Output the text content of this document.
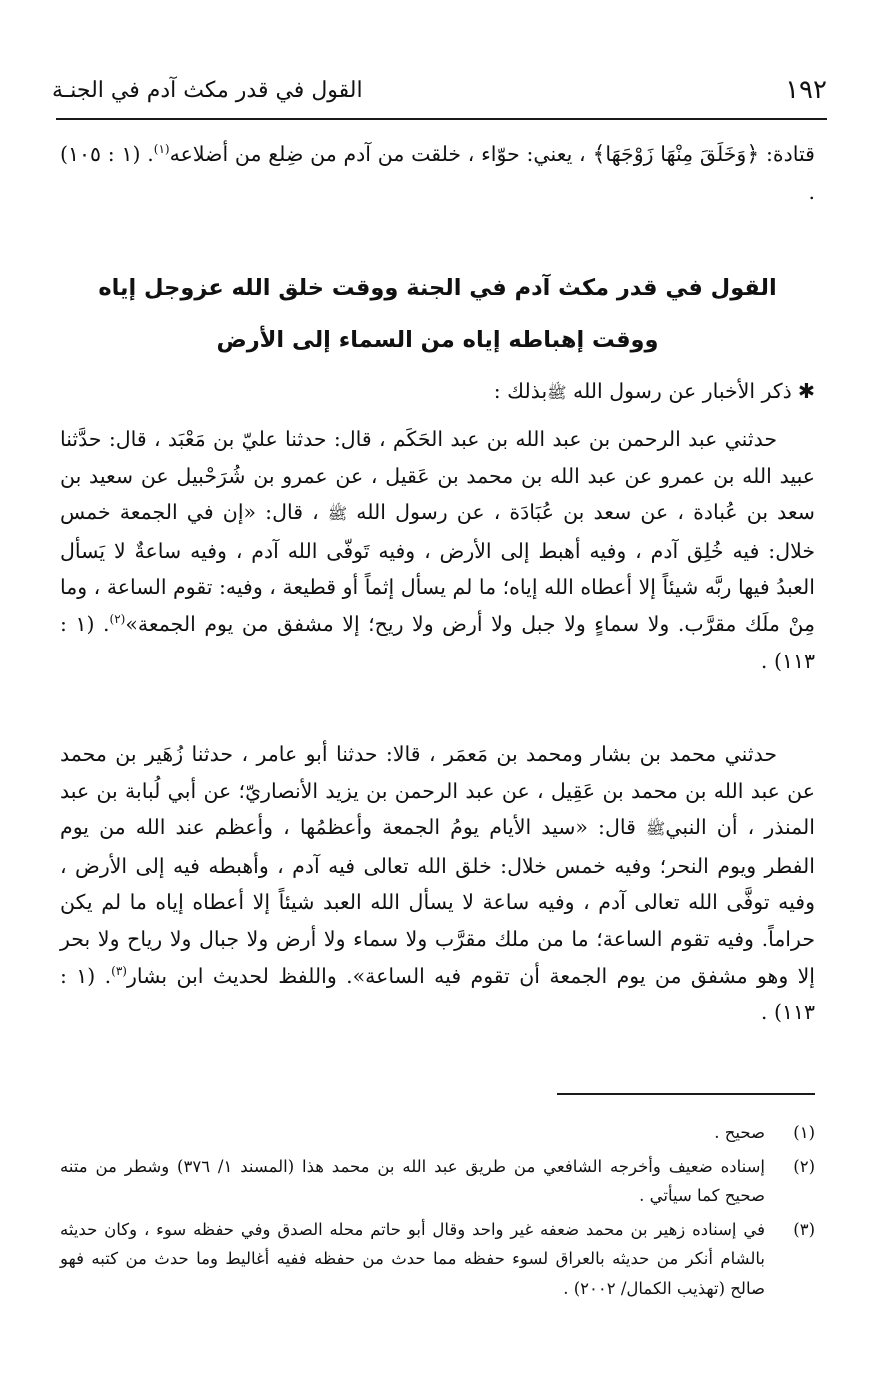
١٩٢
القول في قدر مكث آدم في الجنـة

قتادة: ﴿وَخَلَقَ مِنْهَا زَوْجَهَا﴾ ، يعني: حوّاء ، خلقت من آدم من ضِلع من أضلاعه$^{(١)}$. (١ : ١٠٥) .

القول في قدر مكث آدم في الجنة ووقت خلق الله عزوجل إياه
ووقت إهباطه إياه من السماء إلى الأرض
✱ذكر الأخبار عن رسول الله ﷺبذلك :

حدثني عبد الرحمن بن عبد الله بن عبد الحَكَم ، قال: حدثنا عليّ بن مَعْبَد ، قال: حدَّثنا عبيد الله بن عمرو عن عبد الله بن محمد بن عَقيل ، عن عمرو بن شُرَحْبيل عن سعيد بن سعد بن عُبادة ، عن سعد بن عُبَادَة ، عن رسول الله ﷺ ، قال: «إن في الجمعة خمس خلال: فيه خُلِق آدم ، وفيه أهبط إلى الأرض ، وفيه تَوفّى الله آدم ، وفيه ساعةٌ لا يَسأل العبدُ فيها ربَّه شيئاً إلا أعطاه الله إياه؛ ما لم يسأل إثماً أو قطيعة ، وفيه: تقوم الساعة ، وما مِنْ ملَك مقرَّب. ولا سماءٍ ولا جبل ولا أرض ولا ريح؛ إلا مشفق من يوم الجمعة»$^{(٢)}$. (١ : ١١٣) .

حدثني محمد بن بشار ومحمد بن مَعمَر ، قالا: حدثنا أبو عامر ، حدثنا زُهَير بن محمد عن عبد الله بن محمد بن عَقِيل ، عن عبد الرحمن بن يزيد الأنصاريّ؛ عن أبي لُبابة بن عبد المنذر ، أن النبيﷺ قال: «سيد الأيام يومُ الجمعة وأعظمُها ، وأعظم عند الله من يوم الفطر ويوم النحر؛ وفيه خمس خلال: خلق الله تعالى فيه آدم ، وأهبطه فيه إلى الأرض ، وفيه توفَّى الله تعالى آدم ، وفيه ساعة لا يسأل الله العبد شيئاً إلا أعطاه إياه ما لم يكن حراماً. وفيه تقوم الساعة؛ ما من ملك مقرَّب ولا سماء ولا أرض ولا جبال ولا رياح ولا بحر إلا وهو مشفق من يوم الجمعة أن تقوم فيه الساعة». واللفظ لحديث ابن بشار$^{(٣)}$. (١ : ١١٣) .

(١)
صحيح .
(٢)
إسناده ضعيف وأخرجه الشافعي من طريق عبد الله بن محمد هذا (المسند ١/ ٣٧٦) وشطر من متنه صحيح كما سيأتي .
(٣)
في إسناده زهير بن محمد ضعفه غير واحد وقال أبو حاتم محله الصدق وفي حفظه سوء ، وكان حديثه بالشام أنكر من حديثه بالعراق لسوء حفظه مما حدث من حفظه ففيه أغاليط وما حدث من كتبه فهو صالح (تهذيب الكمال/ ٢٠٠٢) .
